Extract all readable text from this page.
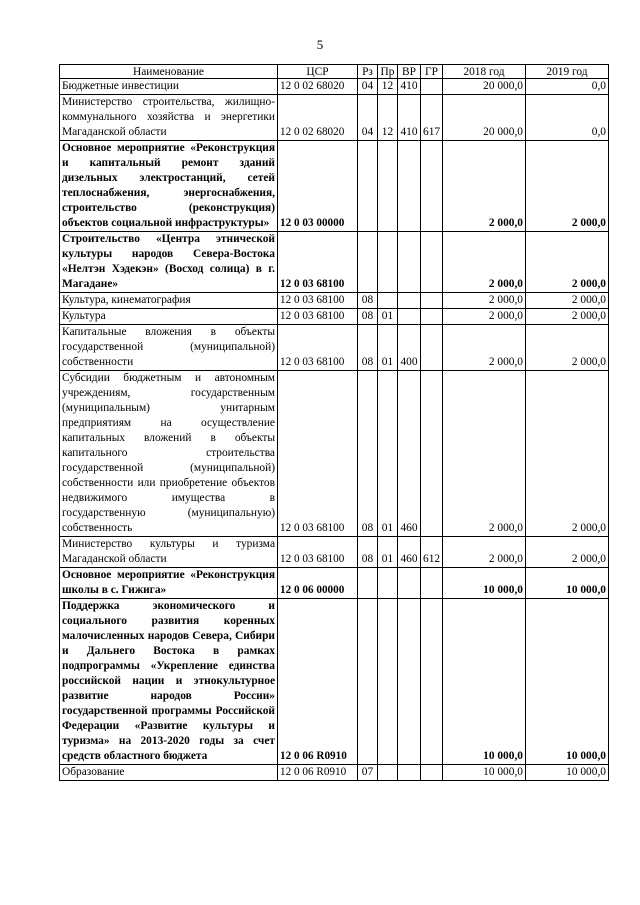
5
Наименование	ЦСР	Рз	Пр	ВР	ГР	2018 год	2019 год
Бюджетные инвестиции	12 0 02 68020	04	12	410		20 000,0	0,0
Министерство строительства, жилищно-коммунального хозяйства и энергетики Магаданской области	12 0 02 68020	04	12	410	617	20 000,0	0,0
Основное мероприятие «Реконструкция и капитальный ремонт зданий дизельных электростанций, сетей теплоснабжения, энергоснабжения, строительство (реконструкция) объектов социальной инфраструктуры»	12 0 03 00000					2 000,0	2 000,0
Строительство «Центра этнической культуры народов Севера-Востока «Нелтэн Хэдекэн» (Восход солица) в г. Магадане»	12 0 03 68100					2 000,0	2 000,0
Культура, кинематография	12 0 03 68100	08				2 000,0	2 000,0
Культура	12 0 03 68100	08	01			2 000,0	2 000,0
Капитальные вложения в объекты государственной (муниципальной) собственности	12 0 03 68100	08	01	400		2 000,0	2 000,0
Субсидии бюджетным и автономным учреждениям, государственным (муниципальным) унитарным предприятиям на осуществление капитальных вложений в объекты капитального строительства государственной (муниципальной) собственности или приобретение объектов недвижимого имущества в государственную (муниципальную) собственность	12 0 03 68100	08	01	460		2 000,0	2 000,0
Министерство культуры и туризма Магаданской области	12 0 03 68100	08	01	460	612	2 000,0	2 000,0
Основное мероприятие «Реконструкция школы в с. Гижига»	12 0 06 00000					10 000,0	10 000,0
Поддержка экономического и социального развития коренных малочисленных народов Севера, Сибири и Дальнего Востока в рамках подпрограммы «Укрепление единства российской нации и этнокультурное развитие народов России» государственной программы Российской Федерации «Развитие культуры и туризма» на 2013-2020 годы за счет средств областного бюджета	12 0 06 R0910					10 000,0	10 000,0
Образование	12 0 06 R0910	07				10 000,0	10 000,0
